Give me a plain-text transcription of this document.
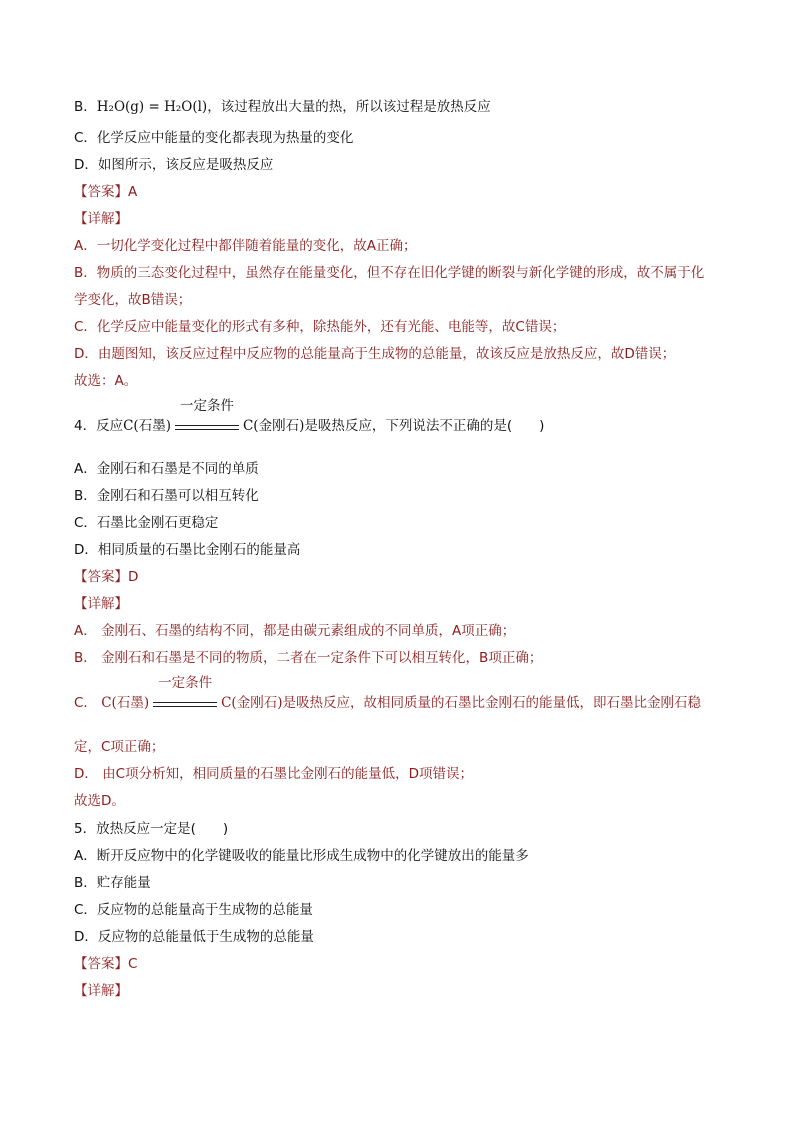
B．H₂O(g) = H₂O(l)，该过程放出大量的热，所以该过程是放热反应
C．化学反应中能量的变化都表现为热量的变化
D．如图所示，该反应是吸热反应
【答案】A
【详解】
A．一切化学变化过程中都伴随着能量的变化，故A正确；
B．物质的三态变化过程中，虽然存在能量变化，但不存在旧化学键的断裂与新化学键的形成，故不属于化
学变化，故B错误；
C．化学反应中能量变化的形式有多种，除热能外，还有光能、电能等，故C错误；
D．由题图知，该反应过程中反应物的总能量高于生成物的总能量，故该反应是放热反应，故D错误；
故选：A。
4．反应C(石墨)
一定条件
C(金刚石)是吸热反应，下列说法不正确的是(　　)
A．金刚石和石墨是不同的单质
B．金刚石和石墨可以相互转化
C．石墨比金刚石更稳定
D．相同质量的石墨比金刚石的能量高
【答案】D
【详解】
A． 金刚石、石墨的结构不同，都是由碳元素组成的不同单质，A项正确；
B． 金刚石和石墨是不同的物质，二者在一定条件下可以相互转化，B项正确；
C． C(石墨)
一定条件
C(金刚石)是吸热反应，故相同质量的石墨比金刚石的能量低，即石墨比金刚石稳
定，C项正确；
D． 由C项分析知，相同质量的石墨比金刚石的能量低，D项错误；
故选D。
5．放热反应一定是(　　)
A．断开反应物中的化学键吸收的能量比形成生成物中的化学键放出的能量多
B．贮存能量
C．反应物的总能量高于生成物的总能量
D．反应物的总能量低于生成物的总能量
【答案】C
【详解】
